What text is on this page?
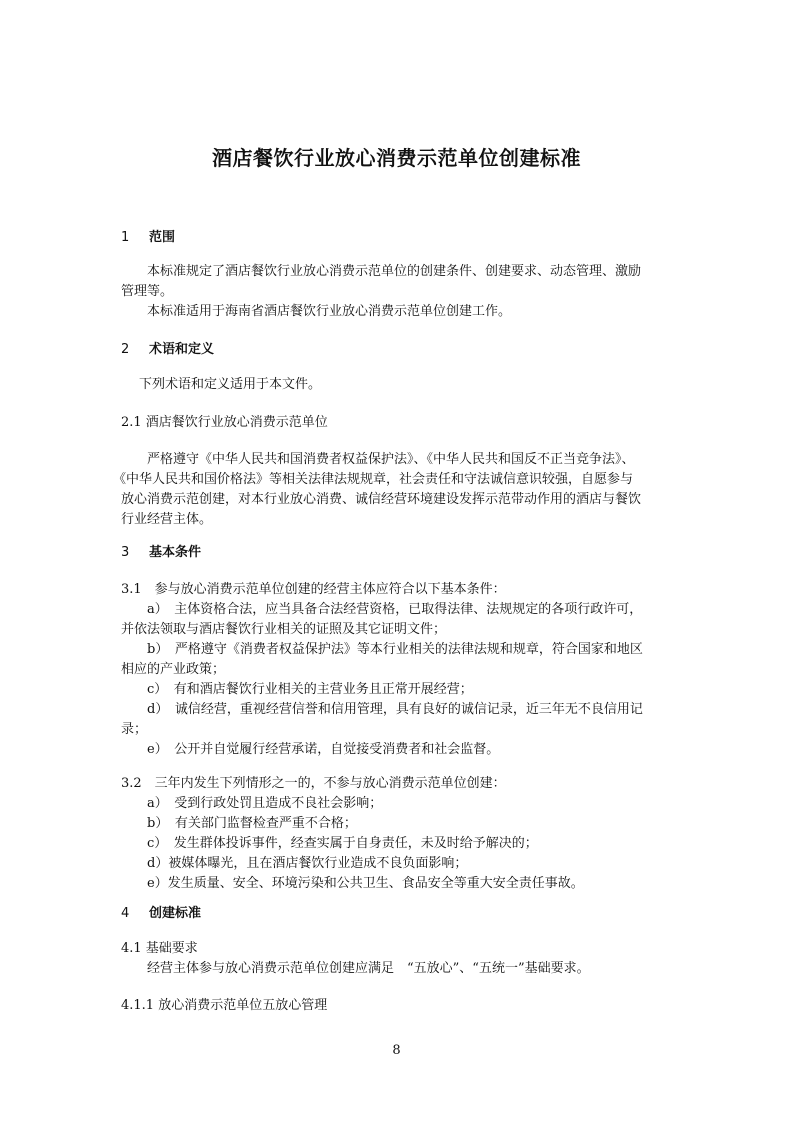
酒店餐饮行业放心消费示范单位创建标准
1 范围
本标准规定了酒店餐饮行业放心消费示范单位的创建条件、创建要求、动态管理、激励
管理等。
本标准适用于海南省酒店餐饮行业放心消费示范单位创建工作。
2 术语和定义
下列术语和定义适用于本文件。
2.1 酒店餐饮行业放心消费示范单位
严格遵守《中华人民共和国消费者权益保护法》、《中华人民共和国反不正当竞争法》、
《中华人民共和国价格法》等相关法律法规规章，社会责任和守法诚信意识较强，自愿参与
放心消费示范创建，对本行业放心消费、诚信经营环境建设发挥示范带动作用的酒店与餐饮
行业经营主体。
3 基本条件
3.1　参与放心消费示范单位创建的经营主体应符合以下基本条件：
a）　主体资格合法，应当具备合法经营资格，已取得法律、法规规定的各项行政许可，
并依法领取与酒店餐饮行业相关的证照及其它证明文件；
b）　严格遵守《消费者权益保护法》等本行业相关的法律法规和规章，符合国家和地区
相应的产业政策；
c）　有和酒店餐饮行业相关的主营业务且正常开展经营；
d）　诚信经营，重视经营信誉和信用管理，具有良好的诚信记录，近三年无不良信用记
录；
e）　公开并自觉履行经营承诺，自觉接受消费者和社会监督。
3.2　三年内发生下列情形之一的，不参与放心消费示范单位创建：
a）　受到行政处罚且造成不良社会影响；
b）　有关部门监督检查严重不合格；
c）　发生群体投诉事件，经查实属于自身责任，未及时给予解决的；
d）被媒体曝光，且在酒店餐饮行业造成不良负面影响；
e）发生质量、安全、环境污染和公共卫生、食品安全等重大安全责任事故。
4 创建标准
4.1 基础要求
经营主体参与放心消费示范单位创建应满足　“五放心”、“五统一”基础要求。
4.1.1 放心消费示范单位五放心管理
8
